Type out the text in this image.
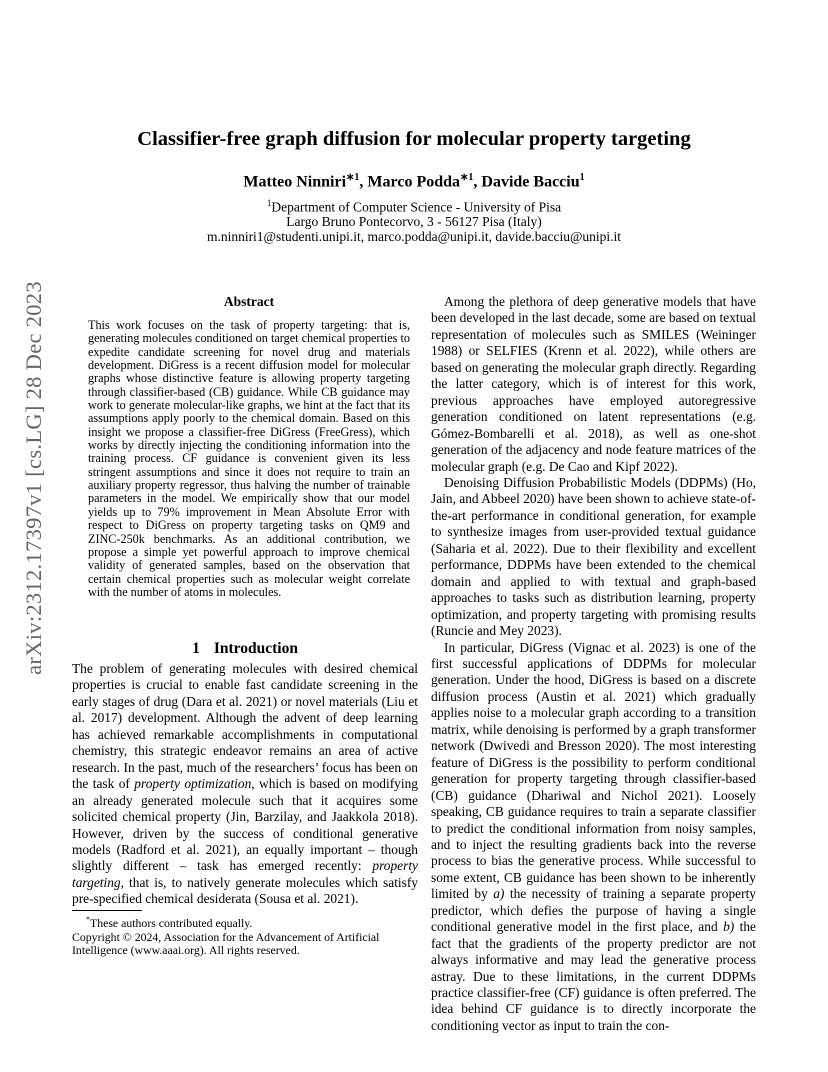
arXiv:2312.17397v1 [cs.LG] 28 Dec 2023
Classifier-free graph diffusion for molecular property targeting
Matteo Ninniri$^{∗1}$, Marco Podda$^{∗1}$, Davide Bacciu$^1$
$^1$Department of Computer Science - University of Pisa
Largo Bruno Pontecorvo, 3 - 56127 Pisa (Italy)
m.ninniri1@studenti.unipi.it, marco.podda@unipi.it, davide.bacciu@unipi.it
Abstract
This work focuses on the task of property targeting: that is, generating molecules conditioned on target chemical properties to expedite candidate screening for novel drug and materials development. DiGress is a recent diffusion model for molecular graphs whose distinctive feature is allowing property targeting through classifier-based (CB) guidance. While CB guidance may work to generate molecular-like graphs, we hint at the fact that its assumptions apply poorly to the chemical domain. Based on this insight we propose a classifier-free DiGress (FreeGress), which works by directly injecting the conditioning information into the training process. CF guidance is convenient given its less stringent assumptions and since it does not require to train an auxiliary property regressor, thus halving the number of trainable parameters in the model. We empirically show that our model yields up to 79% improvement in Mean Absolute Error with respect to DiGress on property targeting tasks on QM9 and ZINC-250k benchmarks. As an additional contribution, we propose a simple yet powerful approach to improve chemical validity of generated samples, based on the observation that certain chemical properties such as molecular weight correlate with the number of atoms in molecules.
1 Introduction

The problem of generating molecules with desired chemical properties is crucial to enable fast candidate screening in the early stages of drug (Dara et al. 2021) or novel materials (Liu et al. 2017) development. Although the advent of deep learning has achieved remarkable accomplishments in computational chemistry, this strategic endeavor remains an area of active research. In the past, much of the researchers’ focus has been on the task of property optimization, which is based on modifying an already generated molecule such that it acquires some solicited chemical property (Jin, Barzilay, and Jaakkola 2018). However, driven by the success of conditional generative models (Radford et al. 2021), an equally important – though slightly different – task has emerged recently: property targeting, that is, to natively generate molecules which satisfy pre-specified chemical desiderata (Sousa et al. 2021).

*These authors contributed equally.
Copyright © 2024, Association for the Advancement of Artificial Intelligence (www.aaai.org). All rights reserved.

Among the plethora of deep generative models that have been developed in the last decade, some are based on textual representation of molecules such as SMILES (Weininger 1988) or SELFIES (Krenn et al. 2022), while others are based on generating the molecular graph directly. Regarding the latter category, which is of interest for this work, previous approaches have employed autoregressive generation conditioned on latent representations (e.g. Gómez-Bombarelli et al. 2018), as well as one-shot generation of the adjacency and node feature matrices of the molecular graph (e.g. De Cao and Kipf 2022).

Denoising Diffusion Probabilistic Models (DDPMs) (Ho, Jain, and Abbeel 2020) have been shown to achieve state-of-the-art performance in conditional generation, for example to synthesize images from user-provided textual guidance (Saharia et al. 2022). Due to their flexibility and excellent performance, DDPMs have been extended to the chemical domain and applied to with textual and graph-based approaches to tasks such as distribution learning, property optimization, and property targeting with promising results (Runcie and Mey 2023).

In particular, DiGress (Vignac et al. 2023) is one of the first successful applications of DDPMs for molecular generation. Under the hood, DiGress is based on a discrete diffusion process (Austin et al. 2021) which gradually applies noise to a molecular graph according to a transition matrix, while denoising is performed by a graph transformer network (Dwivedi and Bresson 2020). The most interesting feature of DiGress is the possibility to perform conditional generation for property targeting through classifier-based (CB) guidance (Dhariwal and Nichol 2021). Loosely speaking, CB guidance requires to train a separate classifier to predict the conditional information from noisy samples, and to inject the resulting gradients back into the reverse process to bias the generative process. While successful to some extent, CB guidance has been shown to be inherently limited by a) the necessity of training a separate property predictor, which defies the purpose of having a single conditional generative model in the first place, and b) the fact that the gradients of the property predictor are not always informative and may lead the generative process astray. Due to these limitations, in the current DDPMs practice classifier-free (CF) guidance is often preferred. The idea behind CF guidance is to directly incorporate the conditioning vector as input to train the con-
